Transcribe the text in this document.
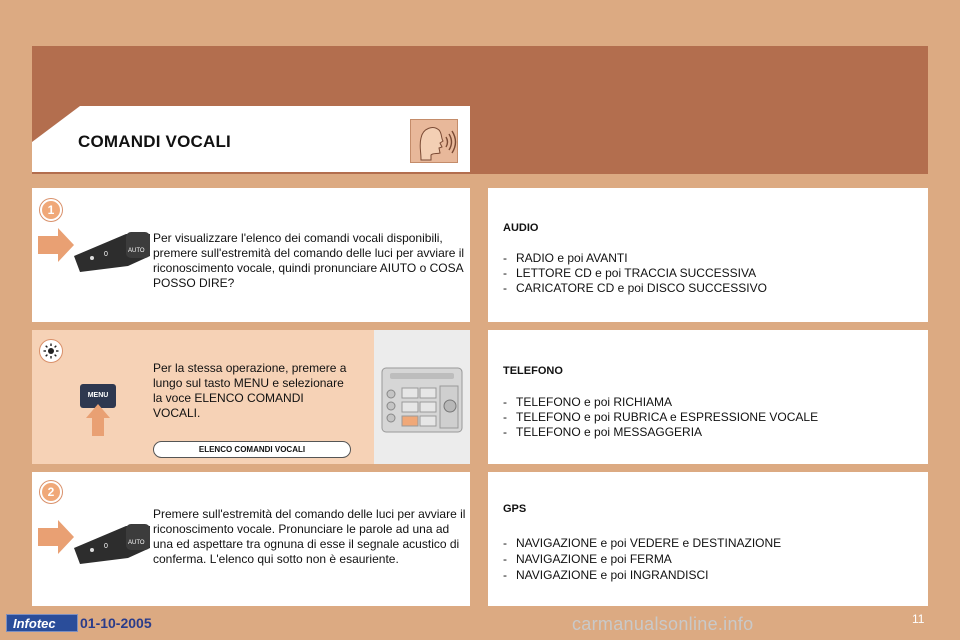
COMANDI VOCALI
1
0	AUTO
Per visualizzare l'elenco dei comandi vocali disponibili, premere sull'estremità del comando delle luci per avviare il riconoscimento vocale, quindi pronunciare AIUTO o COSA POSSO DIRE?
AUDIO
- RADIO e poi AVANTI
- LETTORE CD e poi TRACCIA SUCCESSIVA
- CARICATORE CD e poi DISCO SUCCESSIVO
MENU
Per la stessa operazione, premere a lungo sul tasto MENU e selezionare la voce ELENCO COMANDI VOCALI.
ELENCO COMANDI VOCALI
TELEFONO
- TELEFONO e poi RICHIAMA
- TELEFONO e poi RUBRICA e ESPRESSIONE VOCALE
- TELEFONO e poi MESSAGGERIA
2
0	AUTO
Premere sull'estremità del comando delle luci per avviare il riconoscimento vocale. Pronunciare le parole ad una ad una ed aspettare tra ognuna di esse il segnale acustico di conferma. L'elenco qui sotto non è esauriente.
GPS
- NAVIGAZIONE e poi VEDERE e DESTINAZIONE
- NAVIGAZIONE e poi FERMA
- NAVIGAZIONE e poi INGRANDISCI
Infotec	01-10-2005	carmanualsonline.info	11
